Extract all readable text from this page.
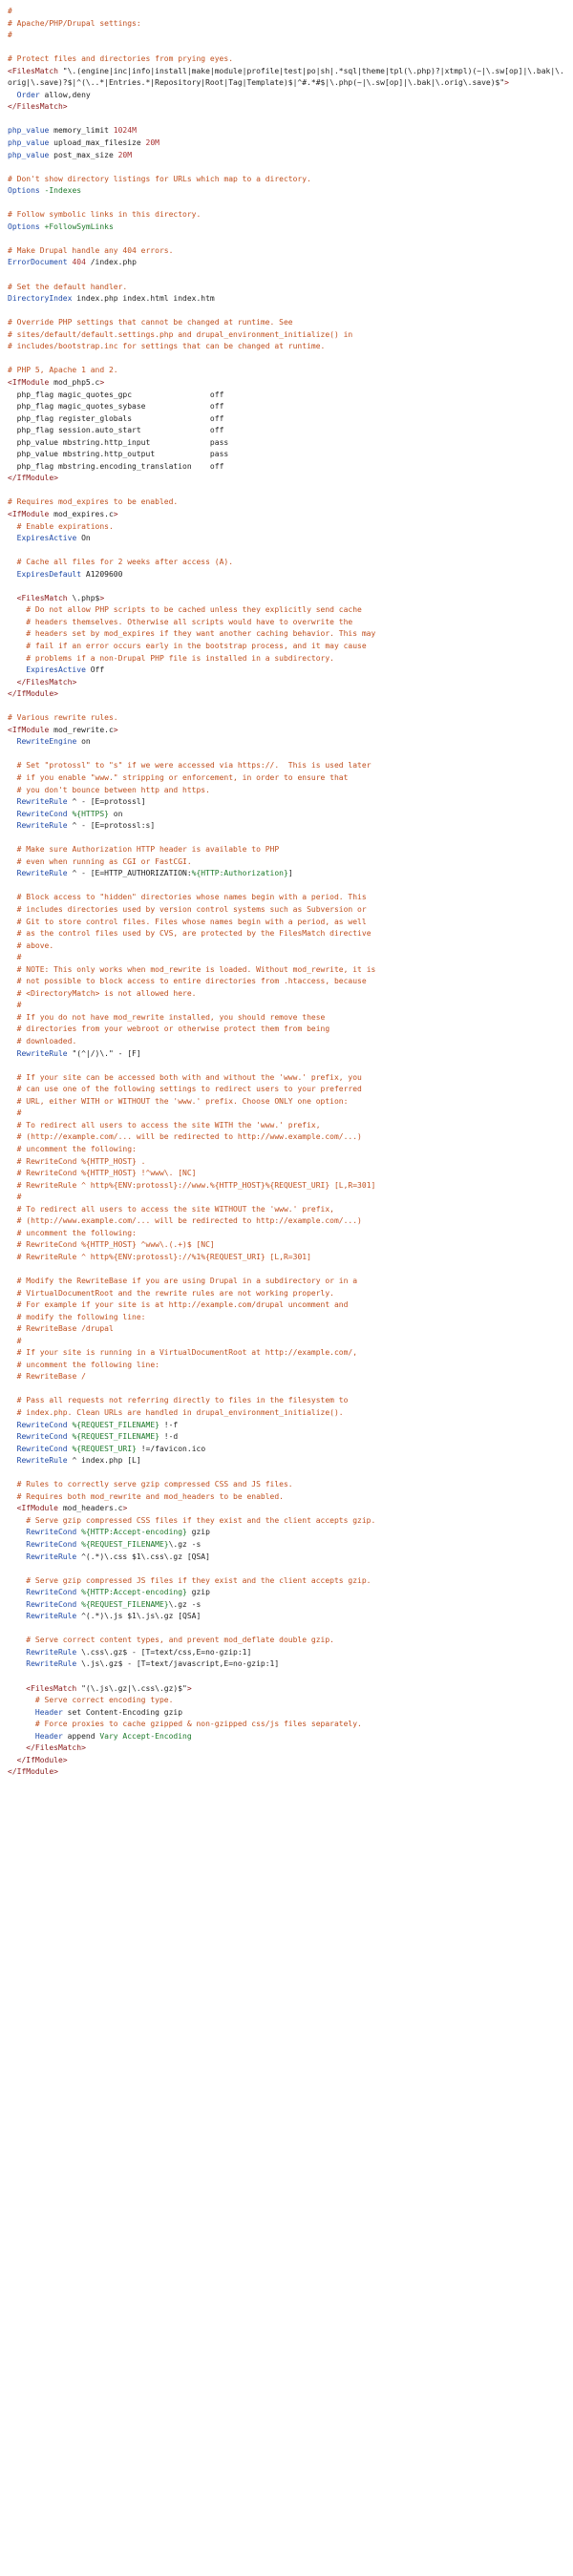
#
# Apache/PHP/Drupal settings:
#
# Protect files and directories from prying eyes.
<FilesMatch "\.(engine|inc|info|install|make|module|profile|test|po|sh|.*sql|theme|tpl(\.php)?|xtmpl)(~|\.sw[op]|\.bak|\.orig|\.save)?$|^(\..*|Entries.*|Repository|Root|Tag|Template)$|^#.*#$|\.php(~|\.sw[op]|\.bak|\.orig\.save)$">
Order allow,deny
</FilesMatch>
php_value memory_limit 1024M
php_value upload_max_filesize 20M
php_value post_max_size 20M
# Don't show directory listings for URLs which map to a directory.
Options -Indexes
# Follow symbolic links in this directory.
Options +FollowSymLinks
# Make Drupal handle any 404 errors.
ErrorDocument 404 /index.php
# Set the default handler.
DirectoryIndex index.php index.html index.htm
# Override PHP settings that cannot be changed at runtime. See
# sites/default/default.settings.php and drupal_environment_initialize() in
# includes/bootstrap.inc for settings that can be changed at runtime.
# PHP 5, Apache 1 and 2.
<IfModule mod_php5.c>
php_flag magic_quotes_gpc                 off
php_flag magic_quotes_sybase              off
php_flag register_globals                 off
php_flag session.auto_start               off
php_value mbstring.http_input             pass
php_value mbstring.http_output            pass
php_flag mbstring.encoding_translation    off
</IfModule>
# Requires mod_expires to be enabled.
<IfModule mod_expires.c>
# Enable expirations.
ExpiresActive On
# Cache all files for 2 weeks after access (A).
ExpiresDefault A1209600
<FilesMatch \.php$>
# Do not allow PHP scripts to be cached unless they explicitly send cache
# headers themselves. Otherwise all scripts would have to overwrite the
# headers set by mod_expires if they want another caching behavior. This may
# fail if an error occurs early in the bootstrap process, and it may cause
# problems if a non-Drupal PHP file is installed in a subdirectory.
ExpiresActive Off
</FilesMatch>
</IfModule>
# Various rewrite rules.
<IfModule mod_rewrite.c>
RewriteEngine on
# Set "protossl" to "s" if we were accessed via https://.  This is used later
# if you enable "www." stripping or enforcement, in order to ensure that
# you don't bounce between http and https.
RewriteRule ^ - [E=protossl]
RewriteCond %{HTTPS} on
RewriteRule ^ - [E=protossl:s]
# Make sure Authorization HTTP header is available to PHP
# even when running as CGI or FastCGI.
RewriteRule ^ - [E=HTTP_AUTHORIZATION:%{HTTP:Authorization}]
# Block access to "hidden" directories whose names begin with a period. This
# includes directories used by version control systems such as Subversion or
# Git to store control files. Files whose names begin with a period, as well
# as the control files used by CVS, are protected by the FilesMatch directive
# above.
#
# NOTE: This only works when mod_rewrite is loaded. Without mod_rewrite, it is
# not possible to block access to entire directories from .htaccess, because
# <DirectoryMatch> is not allowed here.
#
# If you do not have mod_rewrite installed, you should remove these
# directories from your webroot or otherwise protect them from being
# downloaded.
RewriteRule "(^|/)\." - [F]
# If your site can be accessed both with and without the 'www.' prefix, you
# can use one of the following settings to redirect users to your preferred
# URL, either WITH or WITHOUT the 'www.' prefix. Choose ONLY one option:
#
# To redirect all users to access the site WITH the 'www.' prefix,
# (http://example.com/... will be redirected to http://www.example.com/...)
# uncomment the following:
# RewriteCond %{HTTP_HOST} .
# RewriteCond %{HTTP_HOST} !^www\. [NC]
# RewriteRule ^ http%{ENV:protossl}://www.%{HTTP_HOST}%{REQUEST_URI} [L,R=301]
#
# To redirect all users to access the site WITHOUT the 'www.' prefix,
# (http://www.example.com/... will be redirected to http://example.com/...)
# uncomment the following:
# RewriteCond %{HTTP_HOST} ^www\.(.+)$ [NC]
# RewriteRule ^ http%{ENV:protossl}://%1%{REQUEST_URI} [L,R=301]
# Modify the RewriteBase if you are using Drupal in a subdirectory or in a
# VirtualDocumentRoot and the rewrite rules are not working properly.
# For example if your site is at http://example.com/drupal uncomment and
# modify the following line:
# RewriteBase /drupal
#
# If your site is running in a VirtualDocumentRoot at http://example.com/,
# uncomment the following line:
# RewriteBase /
# Pass all requests not referring directly to files in the filesystem to
# index.php. Clean URLs are handled in drupal_environment_initialize().
RewriteCond %{REQUEST_FILENAME} !-f
RewriteCond %{REQUEST_FILENAME} !-d
RewriteCond %{REQUEST_URI} !=/favicon.ico
RewriteRule ^ index.php [L]
# Rules to correctly serve gzip compressed CSS and JS files.
# Requires both mod_rewrite and mod_headers to be enabled.
<IfModule mod_headers.c>
# Serve gzip compressed CSS files if they exist and the client accepts gzip.
RewriteCond %{HTTP:Accept-encoding} gzip
RewriteCond %{REQUEST_FILENAME}\.gz -s
RewriteRule ^(.*)\.css $1\.css\.gz [QSA]
# Serve gzip compressed JS files if they exist and the client accepts gzip.
RewriteCond %{HTTP:Accept-encoding} gzip
RewriteCond %{REQUEST_FILENAME}\.gz -s
RewriteRule ^(.*)\.js $1\.js\.gz [QSA]
# Serve correct content types, and prevent mod_deflate double gzip.
RewriteRule \.css\.gz$ - [T=text/css,E=no-gzip:1]
RewriteRule \.js\.gz$ - [T=text/javascript,E=no-gzip:1]
<FilesMatch "(\.js\.gz|\.css\.gz)$">
# Serve correct encoding type.
Header set Content-Encoding gzip
# Force proxies to cache gzipped & non-gzipped css/js files separately.
Header append Vary Accept-Encoding
</FilesMatch>
</IfModule>
</IfModule>
